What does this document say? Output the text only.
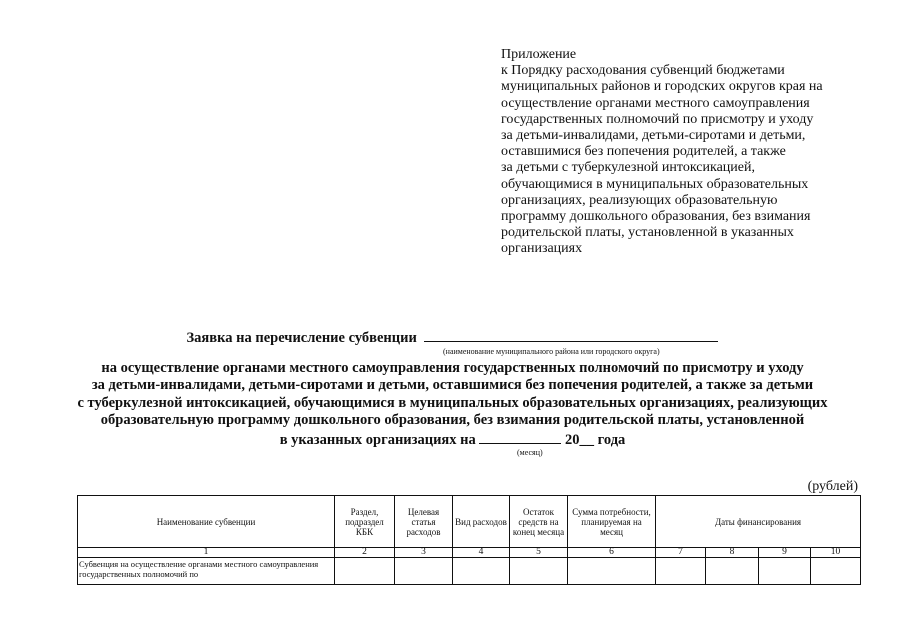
Приложение
к Порядку расходования субвенций бюджетами
муниципальных районов и городских округов края на
осуществление органами местного самоуправления
государственных полномочий по присмотру и уходу
за детьми-инвалидами, детьми-сиротами и детьми,
оставшимися без попечения родителей, а также
за детьми с туберкулезной интоксикацией,
обучающимися в муниципальных образовательных
организациях, реализующих образовательную
программу дошкольного образования, без взимания
родительской платы, установленной в указанных
организациях
Заявка на перечисление субвенции
(наименование муниципального района или городского округа)
на осуществление органами местного самоуправления государственных полномочий по присмотру и уходу
за детьми-инвалидами, детьми-сиротами и детьми, оставшимися без попечения родителей, а также за детьми
с туберкулезной интоксикацией, обучающимися в муниципальных образовательных организациях, реализующих
образовательную программу дошкольного образования, без взимания родительской платы, установленной
в указанных организациях на	20__ года
(месяц)
(рублей)
Наименование субвенции	Раздел, подраздел КБК	Целевая статья расходов	Вид расходов	Остаток средств на конец месяца	Сумма потребности, планируемая на месяц	Даты финансирования			
1	2	3	4	5	6	7	8	9	10
Субвенция на осуществление органами местного самоуправления государственных полномочий по									
